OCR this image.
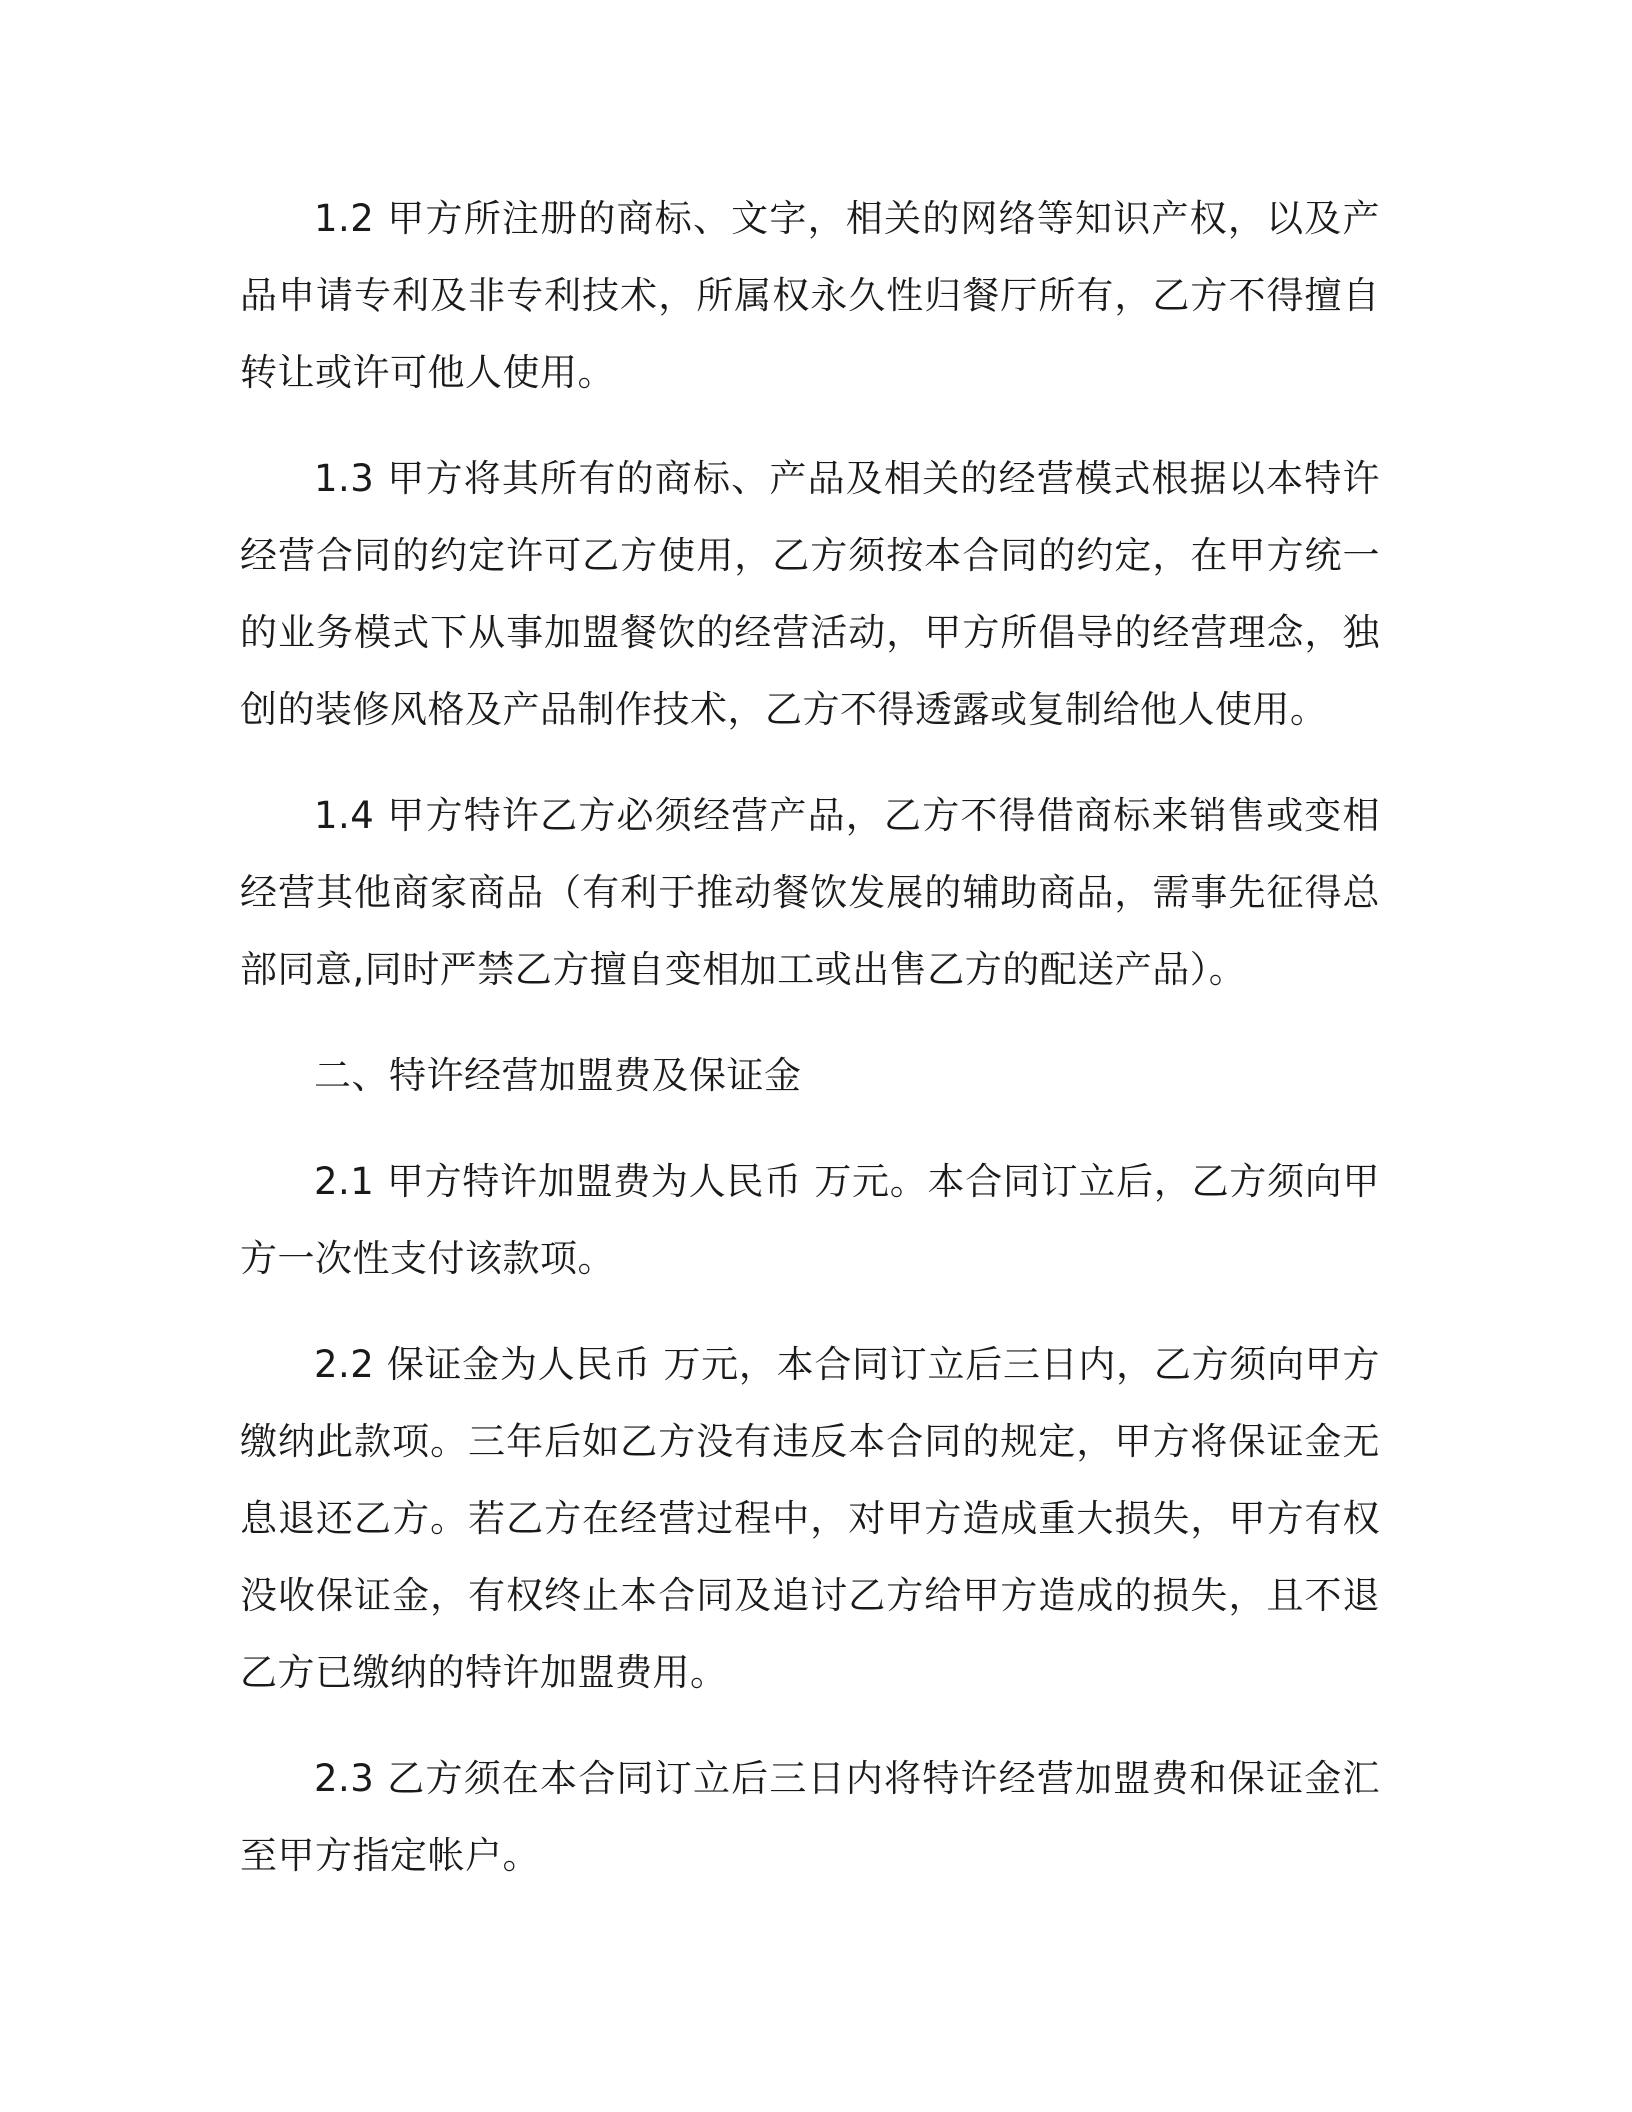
1.2 甲方所注册的商标、文字，相关的网络等知识产权，以及产品申请专利及非专利技术，所属权永久性归餐厅所有，乙方不得擅自转让或许可他人使用。

1.3 甲方将其所有的商标、产品及相关的经营模式根据以本特许经营合同的约定许可乙方使用，乙方须按本合同的约定，在甲方统一的业务模式下从事加盟餐饮的经营活动，甲方所倡导的经营理念，独创的装修风格及产品制作技术，乙方不得透露或复制给他人使用。

1.4 甲方特许乙方必须经营产品，乙方不得借商标来销售或变相经营其他商家商品（有利于推动餐饮发展的辅助商品，需事先征得总部同意,同时严禁乙方擅自变相加工或出售乙方的配送产品）。

二、特许经营加盟费及保证金

2.1 甲方特许加盟费为人民币 万元。本合同订立后，乙方须向甲方一次性支付该款项。

2.2 保证金为人民币 万元，本合同订立后三日内，乙方须向甲方缴纳此款项。三年后如乙方没有违反本合同的规定，甲方将保证金无息退还乙方。若乙方在经营过程中，对甲方造成重大损失，甲方有权没收保证金，有权终止本合同及追讨乙方给甲方造成的损失，且不退乙方已缴纳的特许加盟费用。

2.3 乙方须在本合同订立后三日内将特许经营加盟费和保证金汇至甲方指定帐户。
